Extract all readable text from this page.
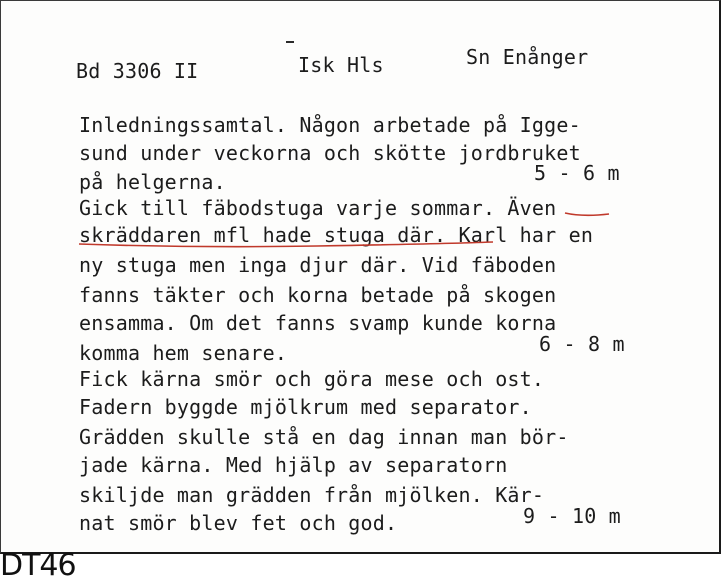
Bd 3306 II	Isk Hls	Sn Enånger
Inledningssamtal. Någon arbetade på Igge-
sund under veckorna och skötte jordbruket
på helgerna.	5 - 6 m
Gick till fäbodstuga varje sommar. Även
skräddaren mfl hade stuga där. Karl har en
ny stuga men inga djur där. Vid fäboden
fanns täkter och korna betade på skogen
ensamma. Om det fanns svamp kunde korna
komma hem senare.	6 - 8 m
Fick kärna smör och göra mese och ost.
Fadern byggde mjölkrum med separator.
Grädden skulle stå en dag innan man bör-
jade kärna. Med hjälp av separatorn
skiljde man grädden från mjölken. Kär-
nat smör blev fet och god.	9 - 10 m
DT46
